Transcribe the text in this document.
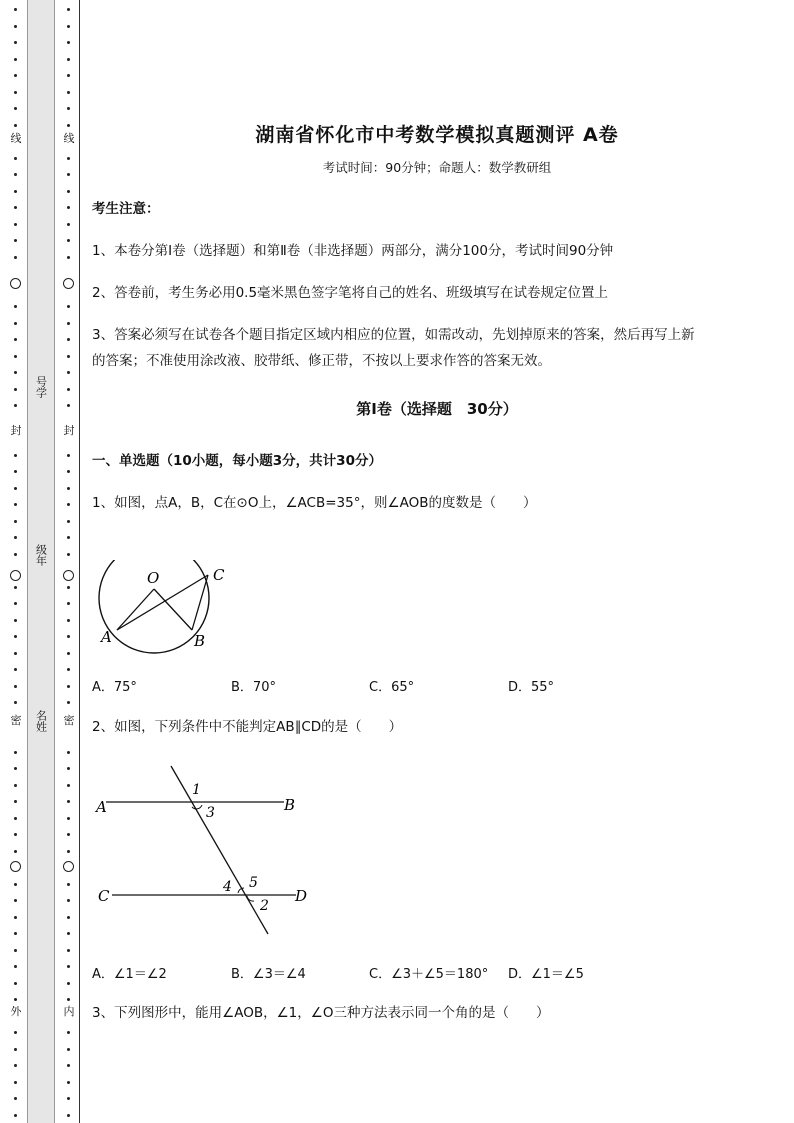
线
封
密
外
号学
级年
名姓
线
封
密
内
湖南省怀化市中考数学模拟真题测评 A卷
考试时间：90分钟；命题人：数学教研组
考生注意：
1、本卷分第I卷（选择题）和第Ⅱ卷（非选择题）两部分，满分100分，考试时间90分钟
2、答卷前，考生务必用0.5毫米黑色签字笔将自己的姓名、班级填写在试卷规定位置上
3、答案必须写在试卷各个题目指定区域内相应的位置，如需改动，先划掉原来的答案，然后再写上新
的答案；不准使用涂改液、胶带纸、修正带，不按以上要求作答的答案无效。
第I卷（选择题　30分）
一、单选题（10小题，每小题3分，共计30分）
1、如图，点A，B，C在⊙O上，∠ACB=35°，则∠AOB的度数是（　　）
O	C
A	B
A．75°	B．70°	C．65°	D．55°
2、如图，下列条件中不能判定AB∥CD的是（　　）
A	B
C	D
1
3
4 5
2
A．∠1＝∠2	B．∠3＝∠4	C．∠3＋∠5＝180° D．∠1＝∠5
3、下列图形中，能用∠AOB，∠1，∠O三种方法表示同一个角的是（　　）
